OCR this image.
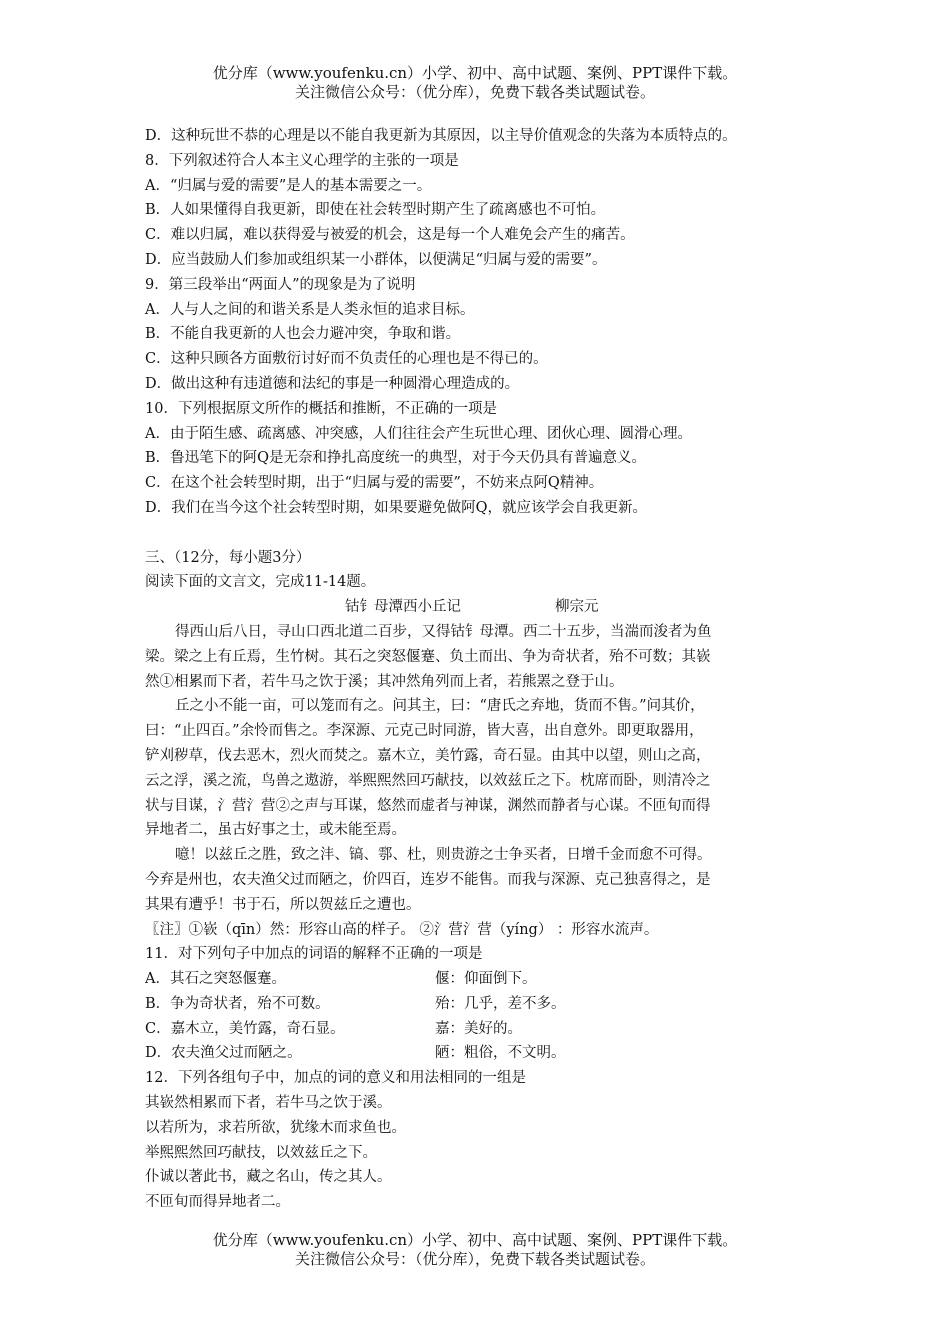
优分库（www.youfenku.cn）小学、初中、高中试题、案例、PPT课件下载。
关注微信公众号：（优分库），免费下载各类试题试卷。
D．这种玩世不恭的心理是以不能自我更新为其原因，以主导价值观念的失落为本质特点的。
8．下列叙述符合人本主义心理学的主张的一项是
A．“归属与爱的需要”是人的基本需要之一。
B．人如果懂得自我更新，即使在社会转型时期产生了疏离感也不可怕。
C．难以归属，难以获得爱与被爱的机会，这是每一个人难免会产生的痛苦。
D．应当鼓励人们参加或组织某一小群体，以便满足“归属与爱的需要”。
9．第三段举出“两面人”的现象是为了说明
A．人与人之间的和谐关系是人类永恒的追求目标。
B．不能自我更新的人也会力避冲突，争取和谐。
C．这种只顾各方面敷衍讨好而不负责任的心理也是不得已的。
D．做出这种有违道德和法纪的事是一种圆滑心理造成的。
10．下列根据原文所作的概括和推断，不正确的一项是
A．由于陌生感、疏离感、冲突感，人们往往会产生玩世心理、团伙心理、圆滑心理。
B．鲁迅笔下的阿Q是无奈和挣扎高度统一的典型，对于今天仍具有普遍意义。
C．在这个社会转型时期，出于“归属与爱的需要”，不妨来点阿Q精神。
D．我们在当今这个社会转型时期，如果要避免做阿Q，就应该学会自我更新。
三、（12分，每小题3分）
阅读下面的文言文，完成11-14题。
钴钅母潭西小丘记	柳宗元
得西山后八日，寻山口西北道二百步，又得钴钅母潭。西二十五步，当湍而浚者为鱼
梁。梁之上有丘焉，生竹树。其石之突怒偃蹇、负土而出、争为奇状者，殆不可数；其嵚
然①相累而下者，若牛马之饮于溪；其冲然角列而上者，若熊罴之登于山。
丘之小不能一亩，可以笼而有之。问其主，曰：“唐氏之弃地，货而不售。”问其价，
曰：“止四百。”余怜而售之。李深源、元克己时同游，皆大喜，出自意外。即更取器用，
铲刈秽草，伐去恶木，烈火而焚之。嘉木立，美竹露，奇石显。由其中以望，则山之高，
云之浮，溪之流，鸟兽之遨游，举熙熙然回巧献技，以效兹丘之下。枕席而卧，则清冷之
状与目谋，氵营氵营②之声与耳谋，悠然而虚者与神谋，渊然而静者与心谋。不匝旬而得
异地者二，虽古好事之士，或未能至焉。
噫！以兹丘之胜，致之沣、镐、鄠、杜，则贵游之士争买者，日增千金而愈不可得。
今弃是州也，农夫渔父过而陋之，价四百，连岁不能售。而我与深源、克己独喜得之，是
其果有遭乎！书于石，所以贺兹丘之遭也。
〖注〗①嵚（qīn）然：形容山高的样子。 ②氵营氵营（yíng） ：形容水流声。
11．对下列句子中加点的词语的解释不正确的一项是
A．其石之突怒偃蹇。	偃：仰面倒下。
B．争为奇状者，殆不可数。	殆：几乎，差不多。
C．嘉木立，美竹露，奇石显。	嘉：美好的。
D．农夫渔父过而陋之。	陋：粗俗，不文明。
12．下列各组句子中，加点的词的意义和用法相同的一组是
其嵚然相累而下者，若牛马之饮于溪。
以若所为，求若所欲，犹缘木而求鱼也。
举熙熙然回巧献技，以效兹丘之下。
仆诚以著此书，藏之名山，传之其人。
不匝旬而得异地者二。
优分库（www.youfenku.cn）小学、初中、高中试题、案例、PPT课件下载。
关注微信公众号：（优分库），免费下载各类试题试卷。
